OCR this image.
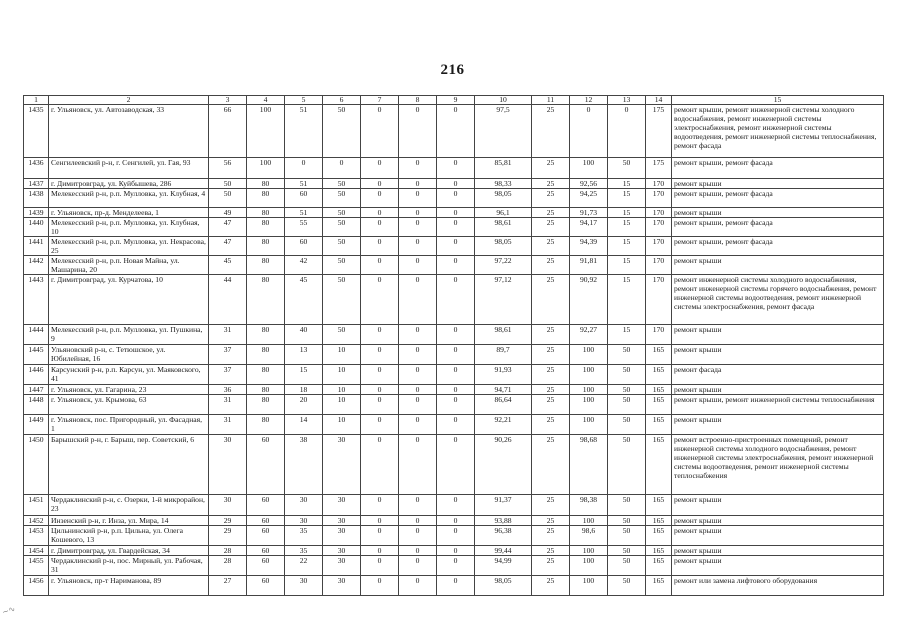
216
1	2	3	4	5	6	7	8	9	10	11	12	13	14	15
1435	г. Ульяновск, ул. Автозаводская, 33	66	100	51	50	0	0	0	97,5	25	0	0	175	ремонт крыши, ремонт инженерной системы холодного водоснабжения, ремонт инженерной системы электроснабжения, ремонт инженерной системы водоотведения, ремонт инженерной системы теплоснабжения, ремонт фасада
1436	Сенгилеевский р-н, г. Сенгилей, ул. Гая, 93	56	100	0	0	0	0	0	85,81	25	100	50	175	ремонт крыши, ремонт фасада
1437	г. Димитровград, ул. Куйбышева, 286	50	80	51	50	0	0	0	98,33	25	92,56	15	170	ремонт крыши
1438	Мелекесский р-н, р.п. Мулловка, ул. Клубная, 4	50	80	60	50	0	0	0	98,05	25	94,25	15	170	ремонт крыши, ремонт фасада
1439	г. Ульяновск, пр-д. Менделеева, 1	49	80	51	50	0	0	0	96,1	25	91,73	15	170	ремонт крыши
1440	Мелекесский р-н, р.п. Мулловка, ул. Клубная, 10	47	80	55	50	0	0	0	98,61	25	94,17	15	170	ремонт крыши, ремонт фасада
1441	Мелекесский р-н, р.п. Мулловка, ул. Некрасова, 25	47	80	60	50	0	0	0	98,05	25	94,39	15	170	ремонт крыши, ремонт фасада
1442	Мелекесский р-н, р.п. Новая Майна, ул. Машарина, 20	45	80	42	50	0	0	0	97,22	25	91,81	15	170	ремонт крыши
1443	г. Димитровград, ул. Курчатова, 10	44	80	45	50	0	0	0	97,12	25	90,92	15	170	ремонт инженерной системы холодного водоснабжения, ремонт инженерной системы горячего водоснабжения, ремонт инженерной системы водоотведения, ремонт инженерной системы электроснабжения, ремонт фасада
1444	Мелекесский р-н, р.п. Мулловка, ул. Пушкина, 9	31	80	40	50	0	0	0	98,61	25	92,27	15	170	ремонт крыши
1445	Ульяновский р-н, с. Тетюшское, ул. Юбилейная, 16	37	80	13	10	0	0	0	89,7	25	100	50	165	ремонт крыши
1446	Карсунский р-н, р.п. Карсун, ул. Маяковского, 41	37	80	15	10	0	0	0	91,93	25	100	50	165	ремонт фасада
1447	г. Ульяновск, ул. Гагарина, 23	36	80	18	10	0	0	0	94,71	25	100	50	165	ремонт крыши
1448	г. Ульяновск, ул. Крымова, 63	31	80	20	10	0	0	0	86,64	25	100	50	165	ремонт крыши, ремонт инженерной системы теплоснабжения
1449	г. Ульяновск, пос. Пригородный, ул. Фасадная, 1	31	80	14	10	0	0	0	92,21	25	100	50	165	ремонт крыши
1450	Барышский р-н, г. Барыш, пер. Советский, 6	30	60	38	30	0	0	0	90,26	25	98,68	50	165	ремонт встроенно-пристроенных помещений, ремонт инженерной системы холодного водоснабжения, ремонт инженерной системы электроснабжения, ремонт инженерной системы водоотведения, ремонт инженерной системы теплоснабжения
1451	Чердаклинский р-н, с. Озерки, 1-й микрорайон, 23	30	60	30	30	0	0	0	91,37	25	98,38	50	165	ремонт крыши
1452	Инзенский р-н, г. Инза, ул. Мира, 14	29	60	30	30	0	0	0	93,88	25	100	50	165	ремонт крыши
1453	Цильнинский р-н, р.п. Цильна, ул. Олега Кошевого, 13	29	60	35	30	0	0	0	96,38	25	98,6	50	165	ремонт крыши
1454	г. Димитровград, ул. Гвардейская, 34	28	60	35	30	0	0	0	99,44	25	100	50	165	ремонт крыши
1455	Чердаклинский р-н, пос. Мирный, ул. Рабочая, 31	28	60	22	30	0	0	0	94,99	25	100	50	165	ремонт крыши
1456	г. Ульяновск, пр-т Нариманова, 89	27	60	30	30	0	0	0	98,05	25	100	50	165	ремонт или замена лифтового оборудования
~∿
